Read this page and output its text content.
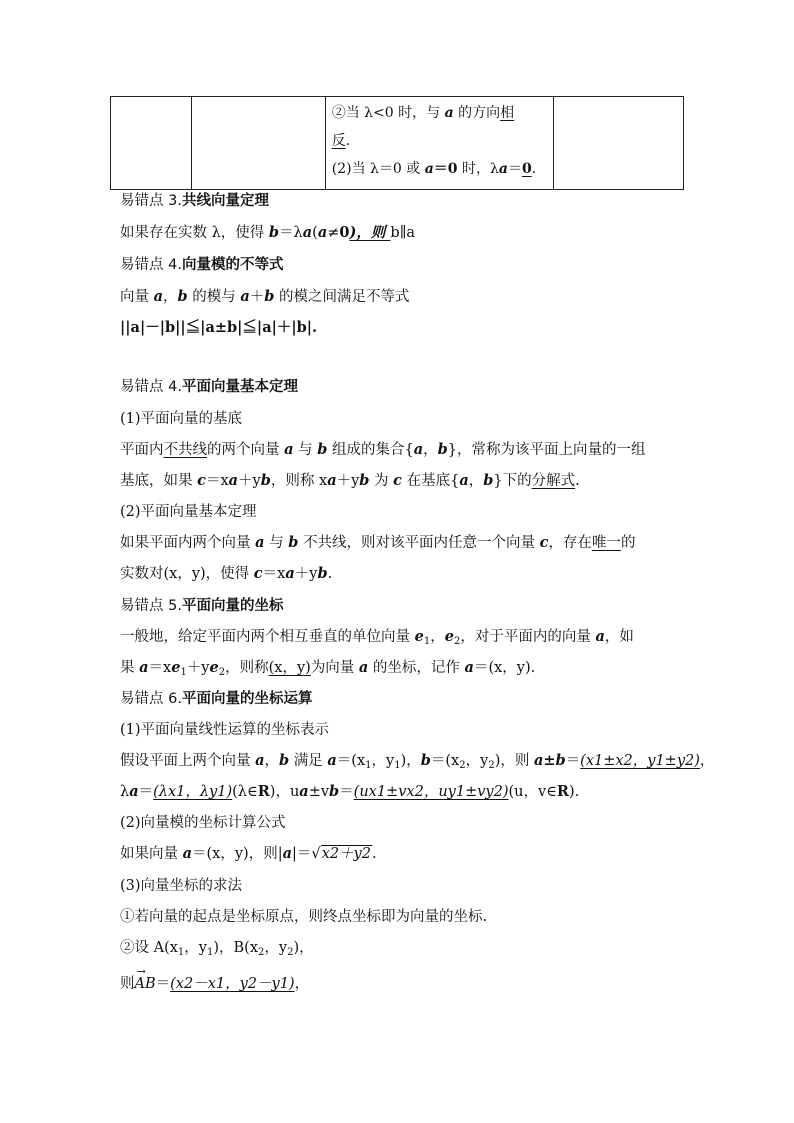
②当 λ<0 时，与 a 的方向相
反.
(2)当 λ＝0 或 a＝0 时，λa＝0.

易错点 3.共线向量定理
如果存在实数 λ，使得 b＝λa(a≠0)，则 b∥a
易错点 4.向量模的不等式
向量 a，b 的模与 a＋b 的模之间满足不等式
||a|－|b||≦|a±b|≦|a|＋|b|.
易错点 4.平面向量基本定理
(1)平面向量的基底
平面内不共线的两个向量 a 与 b 组成的集合{a，b}，常称为该平面上向量的一组
基底，如果 c＝xa＋yb，则称 xa＋yb 为 c 在基底{a，b}下的分解式.
(2)平面向量基本定理
如果平面内两个向量 a 与 b 不共线，则对该平面内任意一个向量 c，存在唯一的
实数对(x，y)，使得 c＝xa＋yb.
易错点 5.平面向量的坐标
一般地，给定平面内两个相互垂直的单位向量 $e_1$，$e_2$，对于平面内的向量 a，如
果 $a=xe_1+ye_2$，则称(x，y)为向量 a 的坐标，记作 a＝(x，y).
易错点 6.平面向量的坐标运算
(1)平面向量线性运算的坐标表示
假设平面上两个向量 a，b 满足 $a=(x_1$，$y_1$)，$b=(x_2$，$y_2$)，则 a±b＝(x1±x2，y1±y2)，
λa＝(λx1，λy1)(λ∈R)，ua±vb＝(ux1±vx2，uy1±vy2)(u，v∈R).
(2)向量模的坐标计算公式
如果向量 a＝(x，y)，则|a|＝√x2＋y2.
(3)向量坐标的求法
①若向量的起点是坐标原点，则终点坐标即为向量的坐标.
②设 $A(x_1$，$y_1$)，$B(x_2$，$y_2$)，
则→ AB＝(x2－x1，y2－y1)，
